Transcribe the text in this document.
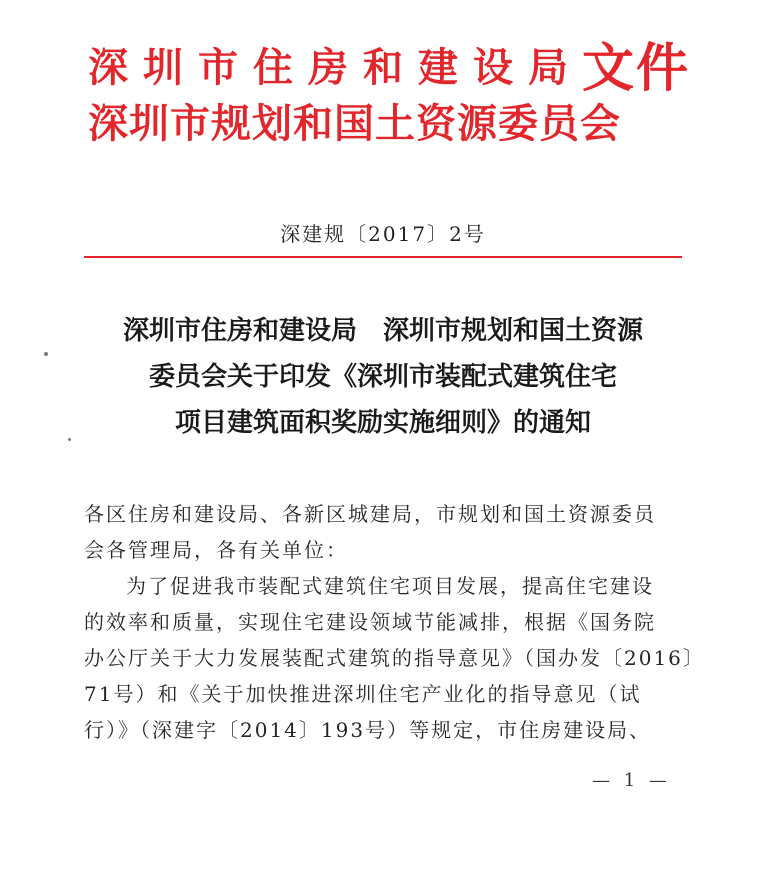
深圳市住房和建设局
深圳市规划和国土资源委员会
文件
深建规〔2017〕2号
深圳市住房和建设局　深圳市规划和国土资源
委员会关于印发《深圳市装配式建筑住宅
项目建筑面积奖励实施细则》的通知
各区住房和建设局、各新区城建局，市规划和国土资源委员
会各管理局，各有关单位：
为了促进我市装配式建筑住宅项目发展，提高住宅建设
的效率和质量，实现住宅建设领域节能减排，根据《国务院
办公厅关于大力发展装配式建筑的指导意见》（国办发〔2016〕
71号）和《关于加快推进深圳住宅产业化的指导意见（试
行）》（深建字〔2014〕193号）等规定，市住房建设局、
— 1 —
